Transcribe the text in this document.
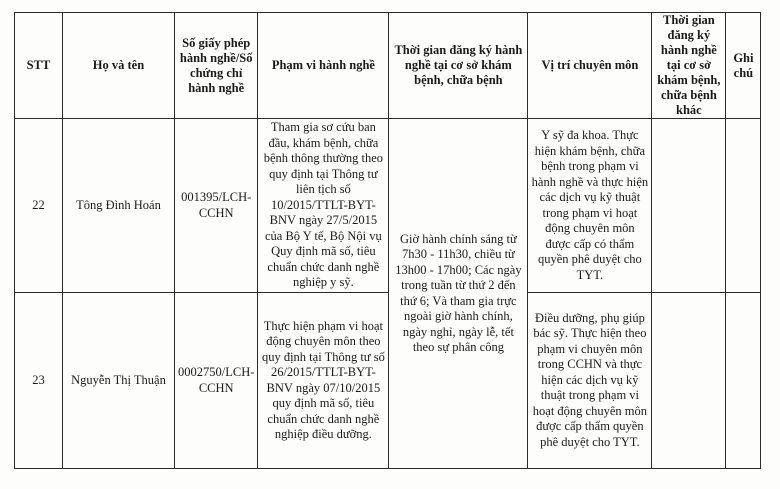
STT	Họ và tên	Số giấy phép hành nghề/Số chứng chỉ hành nghề	Phạm vi hành nghề	Thời gian đăng ký hành nghề tại cơ sở khám bệnh, chữa bệnh	Vị trí chuyên môn	Thời gian đăng ký hành nghề tại cơ sở khám bệnh, chữa bệnh khác	Ghi chú
22	Tông Đình Hoán	001395/LCH-CCHN	Tham gia sơ cứu ban đầu, khám bệnh, chữa bệnh thông thường theo quy định tại Thông tư liên tịch số 10/2015/TTLT-BYT-BNV ngày 27/5/2015 của Bộ Y tế, Bộ Nội vụ Quy định mã số, tiêu chuẩn chức danh nghề nghiệp y sỹ.	Giờ hành chính sáng từ 7h30 - 11h30, chiều từ 13h00 - 17h00; Các ngày trong tuần từ thứ 2 đến thứ 6; Và tham gia trực ngoài giờ hành chính, ngày nghỉ, ngày lễ, tết theo sự phân công	Y sỹ đa khoa. Thực hiện khám bệnh, chữa bệnh trong phạm vi hành nghề và thực hiện các dịch vụ kỹ thuật trong phạm vi hoạt động chuyên môn được cấp có thẩm quyền phê duyệt cho TYT.		
23	Nguyễn Thị Thuận	0002750/LCH-CCHN	Thực hiện phạm vi hoạt động chuyên môn theo quy định tại Thông tư số 26/2015/TTLT-BYT-BNV ngày 07/10/2015 quy định mã số, tiêu chuẩn chức danh nghề nghiệp điều dưỡng.		Điều dưỡng, phụ giúp bác sỹ. Thực hiện theo phạm vi chuyên môn trong CCHN và thực hiện các dịch vụ kỹ thuật trong phạm vi hoạt động chuyên môn được cấp thẩm quyền phê duyệt cho TYT.		
